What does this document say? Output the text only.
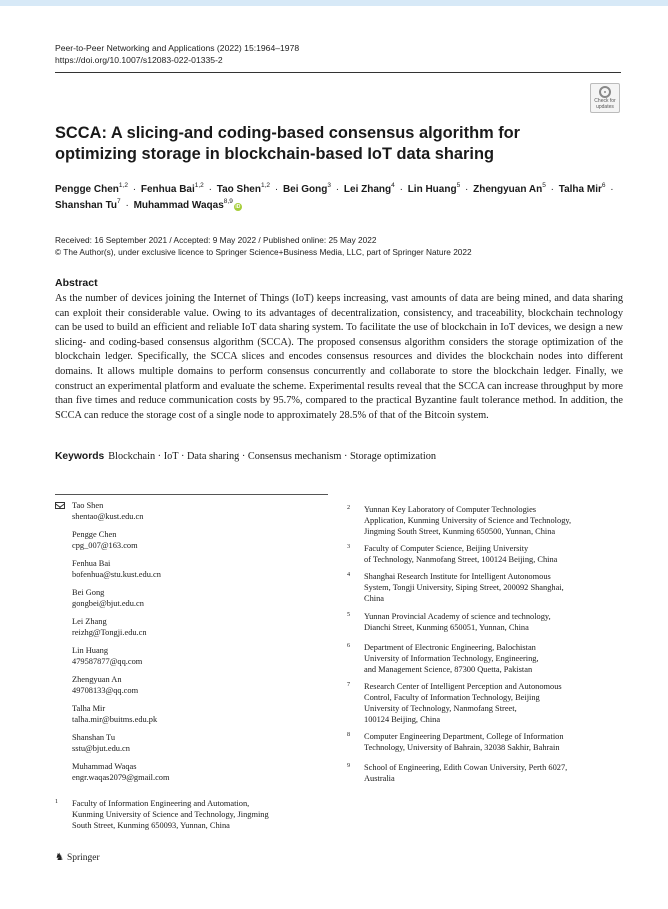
Peer-to-Peer Networking and Applications (2022) 15:1964–1978
https://doi.org/10.1007/s12083-022-01335-2
Check for
updates
SCCA: A slicing-and coding-based consensus algorithm for optimizing storage in blockchain-based IoT data sharing
Pengge Chen$^{1,2}$ · Fenhua Bai$^{1,2}$ · Tao Shen$^{1,2}$ · Bei Gong$^3$ · Lei Zhang$^4$ · Lin Huang$^5$ · Zhengyuan $An^5$ · Talha Mir$^6$ ·
Shanshan $Tu^7$ · Muhammad Waqas$^{8,9}$iD
Received: 16 September 2021 / Accepted: 9 May 2022 / Published online: 25 May 2022
© The Author(s), under exclusive licence to Springer Science+Business Media, LLC, part of Springer Nature 2022
Abstract

As the number of devices joining the Internet of Things (IoT) keeps increasing, vast amounts of data are being mined, and data sharing can exploit their considerable value. Owing to its advantages of decentralization, consistency, and traceability, blockchain technology can be used to build an efficient and reliable IoT data sharing system. To facilitate the use of blockchain in IoT devices, we design a new slicing- and coding-based consensus algorithm (SCCA). The proposed consensus algorithm considers the storage optimization of the blockchain ledger. Specifically, the SCCA slices and encodes consensus resources and divides the blockchain nodes into different domains. It allows multiple domains to perform consensus concurrently and collaborate to store the blockchain ledger. Finally, we construct an experimental platform and evaluate the scheme. Experimental results reveal that the SCCA can increase throughput by more than five times and reduce communication costs by 95.7%, compared to the practical Byzantine fault tolerance method. In addition, the SCCA can reduce the storage cost of a single node to approximately 28.5% of that of the Bitcoin system.

Keywords Blockchain · IoT · Data sharing · Consensus mechanism · Storage optimization
Tao Shen
shentao@kust.edu.cn
Pengge Chen
cpg_007@163.com
Fenhua Bai
bofenhua@stu.kust.edu.cn
Bei Gong
gongbei@bjut.edu.cn
Lei Zhang
reizhg@Tongji.edu.cn
Lin Huang
479587877@qq.com
Zhengyuan An
49708133@qq.com
Talha Mir
talha.mir@buitms.edu.pk
Shanshan Tu
sstu@bjut.edu.cn
Muhammad Waqas
engr.waqas2079@gmail.com
1	Faculty of Information Engineering and Automation,
Kunming University of Science and Technology, Jingming
South Street, Kunming 650093, Yunnan, China
2	Yunnan Key Laboratory of Computer Technologies
Application, Kunming University of Science and Technology,
Jingming South Street, Kunming 650500, Yunnan, China
3	Faculty of Computer Science, Beijing University
of Technology, Nanmofang Street, 100124 Beijing, China
4	Shanghai Research Institute for Intelligent Autonomous
System, Tongji University, Siping Street, 200092 Shanghai,
China
5	Yunnan Provincial Academy of science and technology,
Dianchi Street, Kunming 650051, Yunnan, China
6	Department of Electronic Engineering, Balochistan
University of Information Technology, Engineering,
and Management Science, 87300 Quetta, Pakistan
7	Research Center of Intelligent Perception and Autonomous
Control, Faculty of Information Technology, Beijing
University of Technology, Nanmofang Street,
100124 Beijing, China
8	Computer Engineering Department, College of Information
Technology, University of Bahrain, 32038 Sakhir, Bahrain
9	School of Engineering, Edith Cowan University, Perth 6027,
Australia
♞ Springer
